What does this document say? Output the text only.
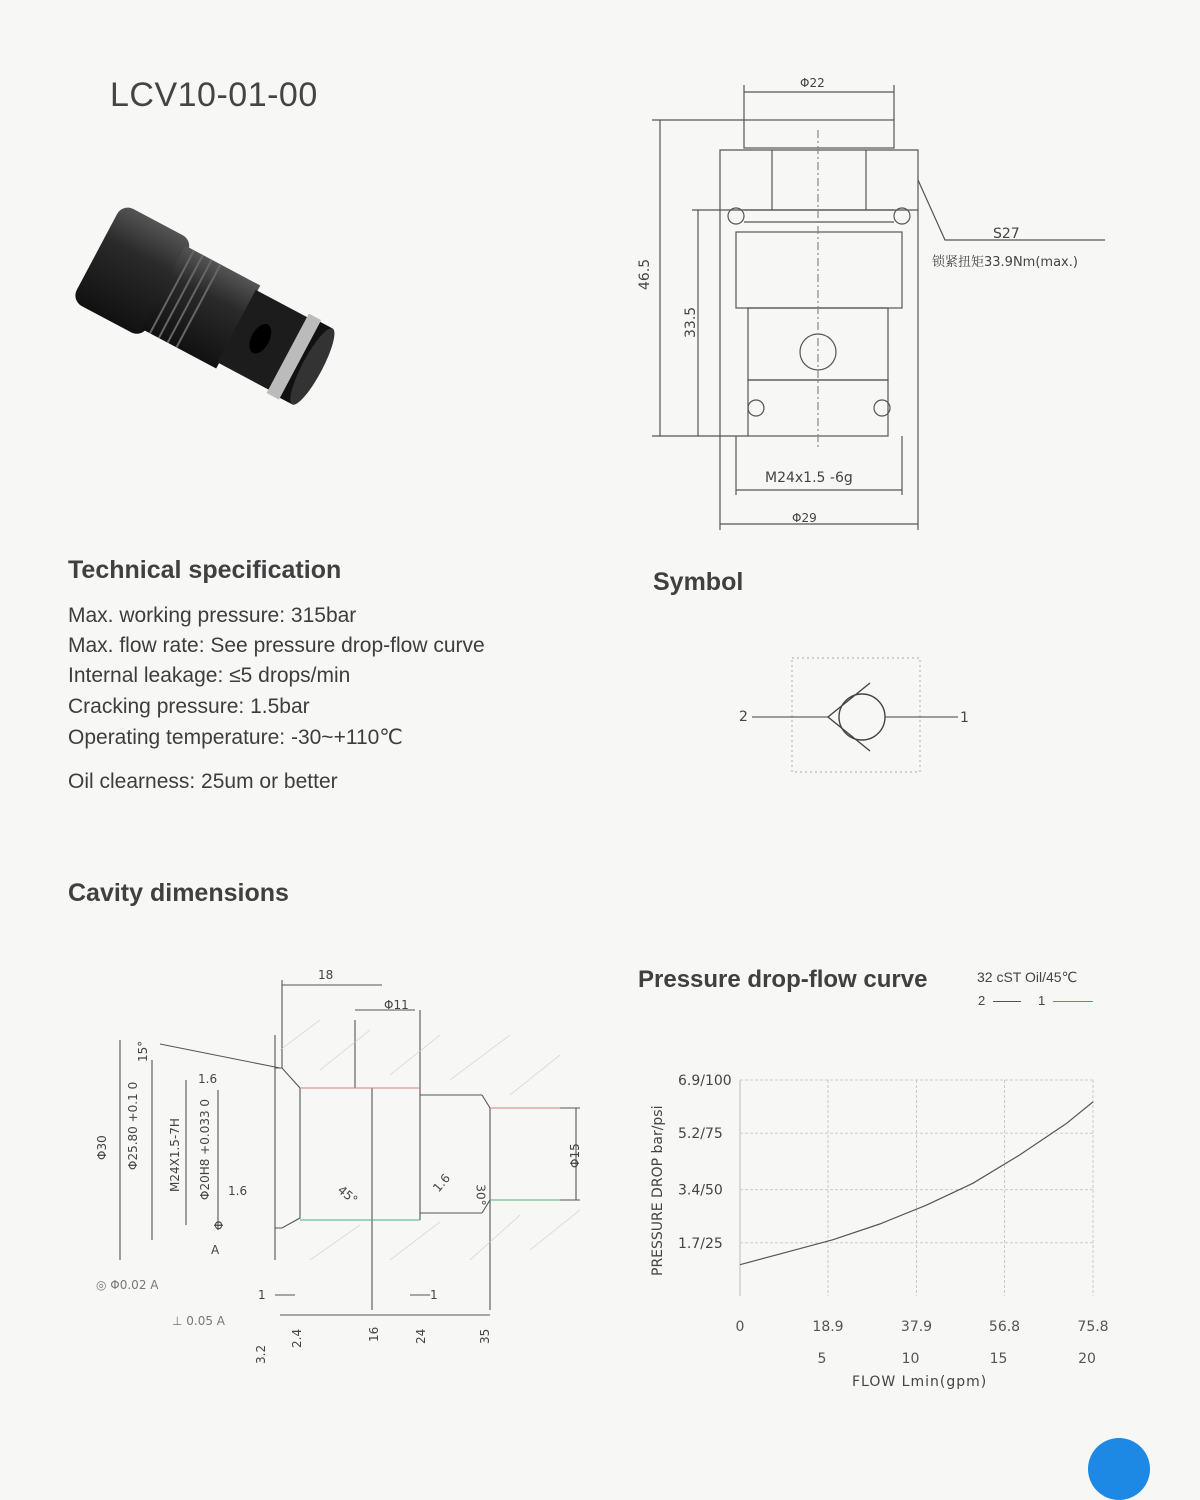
LCV10-01-00	Φ22
46.5
33.5
S27
锁紧扭矩33.9Nm(max.)
M24x1.5 -6g
Φ29
Technical specification
Max. working pressure: 315bar
Max. flow rate: See pressure drop-flow curve
Internal leakage: ≤5 drops/min
Cracking pressure: 1.5bar
Operating temperature: -30~+110℃
Oil clearness: 25um or better
Symbol
2	1
Cavity dimensions
18
Φ11
15°
1.6
Φ30 Φ25.80 +0.1 0 M24X1.5-7H Φ20H8 +0.033 0 1.6
Φ
A
45°	1.6
30°
Φ15
◎ Φ0.02 A
⊥ 0.05 A
1	1
2.4	16	24	35
3.2
Pressure drop-flow curve	32 cST Oil/45℃
2	1
1.7/25
3.4/50
5.2/75
6.9/100
0	18.9
5
37.9
10
56.8
15
75.8
20
PRESSURE DROP bar/psi
FLOW Lmin(gpm)
